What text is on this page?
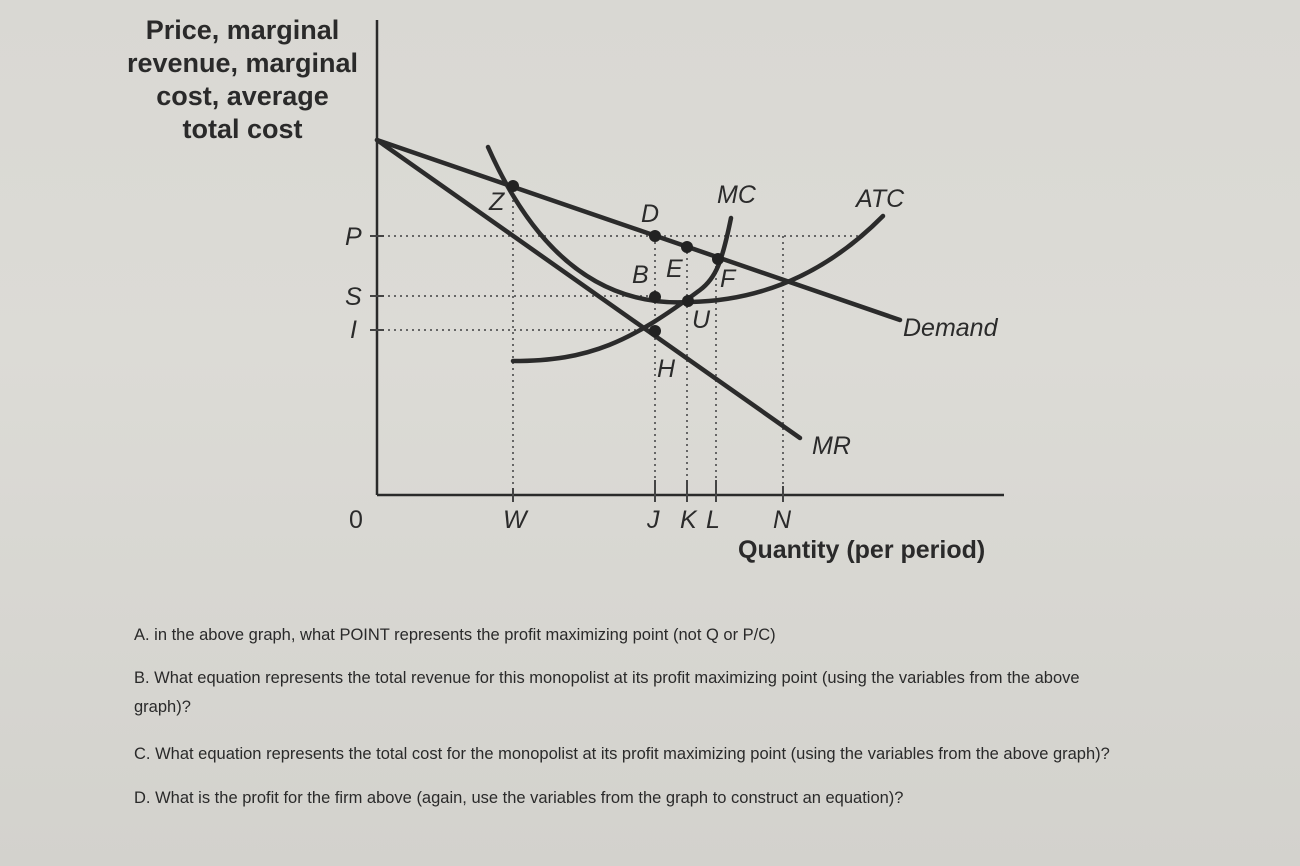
Price, marginal
revenue, marginal
cost, average
total cost
Z	D
B E F
U
H
MC	ATC
Demand
MR
P
S
I
0	W	J K L N
Quantity (per period)

A. in the above graph, what POINT represents the profit maximizing point (not Q or P/C)

B. What equation represents the total revenue for this monopolist at its profit maximizing point (using the variables from the above graph)?

C. What equation represents the total cost for the monopolist at its profit maximizing point (using the variables from the above graph)?

D. What is the profit for the firm above (again, use the variables from the graph to construct an equation)?
